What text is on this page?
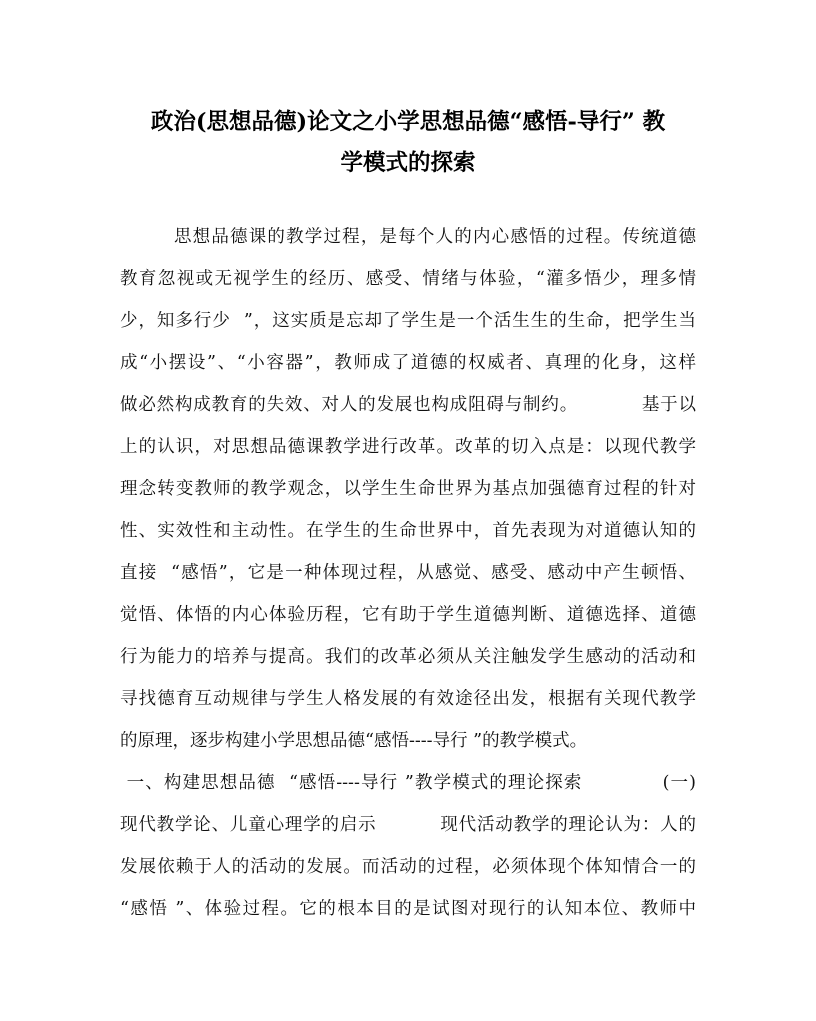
政治(思想品德)论文之小学思想品德“感悟-导行” 教
学模式的探索
思想品德课的教学过程，是每个人的内心感悟的过程。传统道德
教育忽视或无视学生的经历、感受、情绪与体验，“灌多悟少，理多情
少，知多行少  ”，这实质是忘却了学生是一个活生生的生命，把学生当
成“小摆设”、“小容器”，教师成了道德的权威者、真理的化身，这样
做必然构成教育的失效、对人的发展也构成阻碍与制约。          基于以
上的认识，对思想品德课教学进行改革。改革的切入点是：以现代教学
理念转变教师的教学观念，以学生生命世界为基点加强德育过程的针对
性、实效性和主动性。在学生的生命世界中，首先表现为对道德认知的
直接  “感悟”，它是一种体现过程，从感觉、感受、感动中产生顿悟、
觉悟、体悟的内心体验历程，它有助于学生道德判断、道德选择、道德
行为能力的培养与提高。我们的改革必须从关注触发学生感动的活动和
寻找德育互动规律与学生人格发展的有效途径出发，根据有关现代教学
的原理，逐步构建小学思想品德“感悟----导行 ”的教学模式。
一、构建思想品德  “感悟----导行 ”教学模式的理论探索            (一)
现代教学论、儿童心理学的启示          现代活动教学的理论认为：人的
发展依赖于人的活动的发展。而活动的过程，必须体现个体知情合一的
“感悟 ”、体验过程。它的根本目的是试图对现行的认知本位、教师中
